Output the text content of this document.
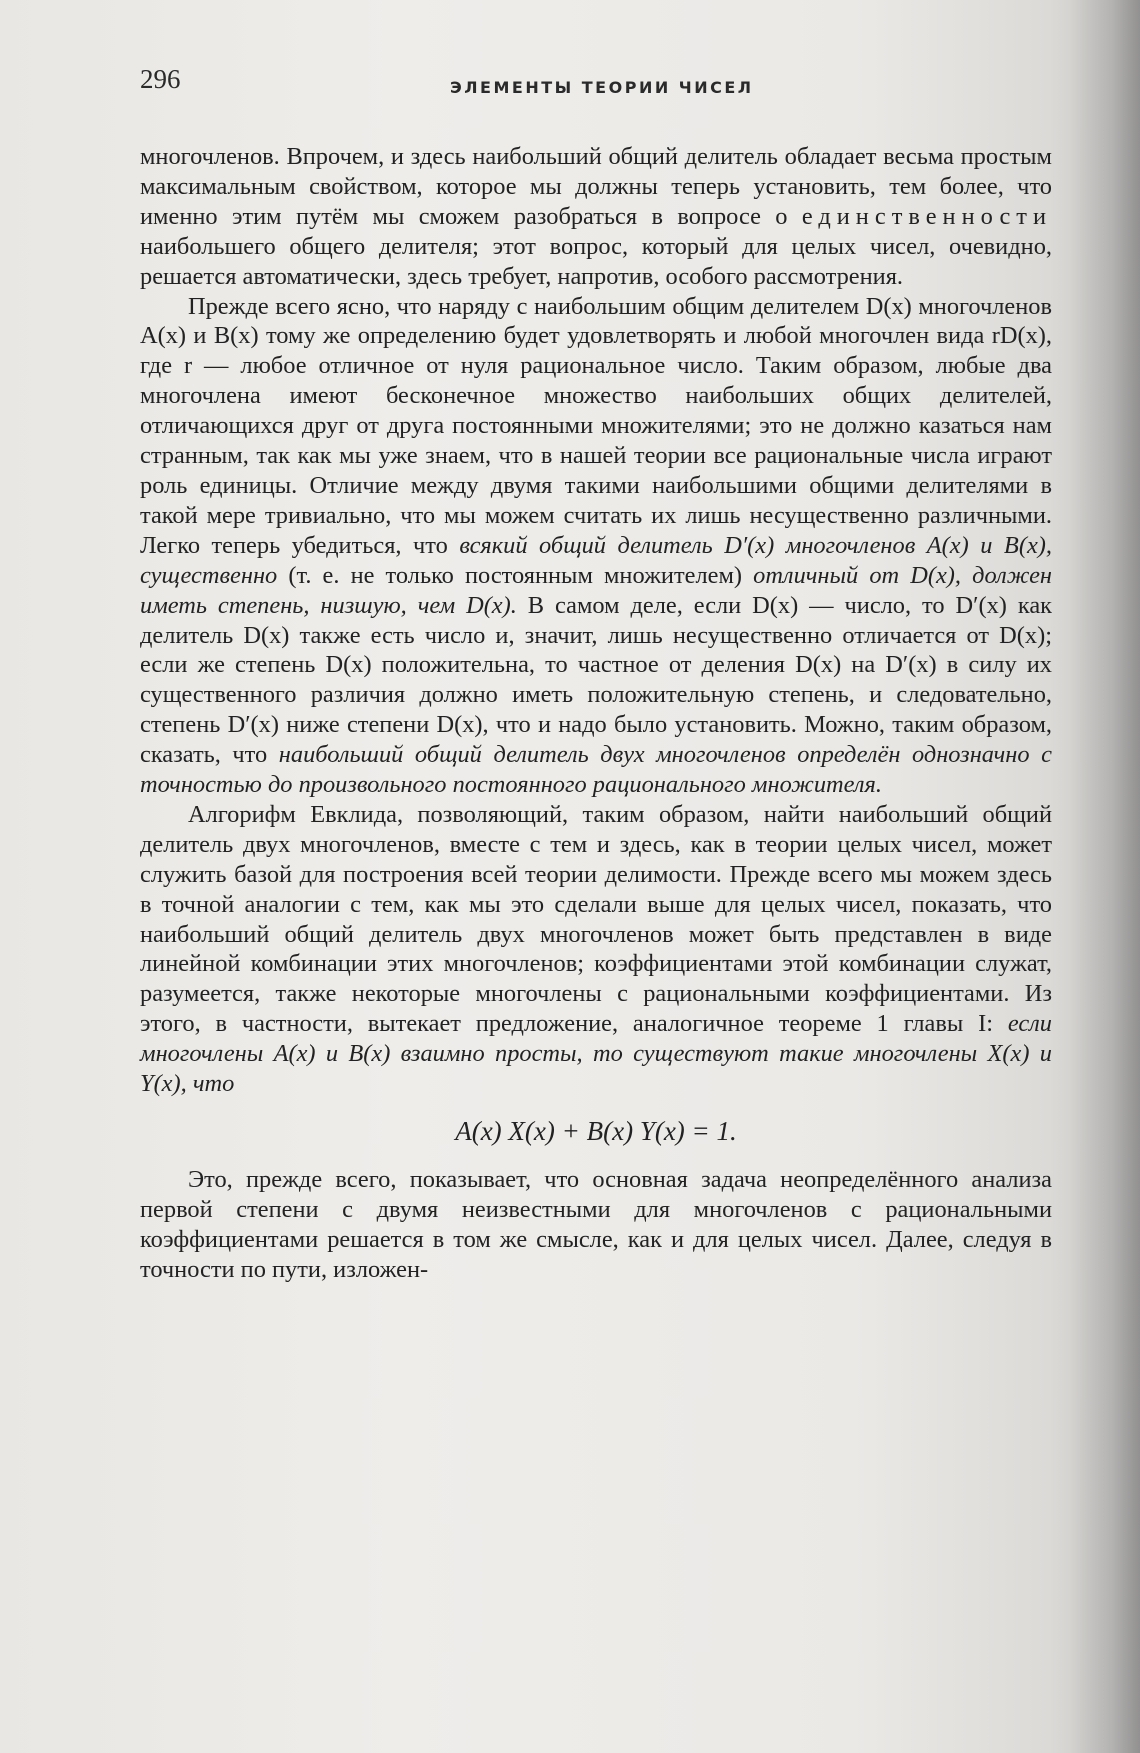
296	ЭЛЕМЕНТЫ ТЕОРИИ ЧИСЕЛ

многочленов. Впрочем, и здесь наибольший общий делитель обладает весьма простым максимальным свойством, которое мы должны теперь установить, тем более, что именно этим путём мы сможем разобраться в вопросе о единственности наибольшего общего делителя; этот вопрос, который для целых чисел, очевидно, решается автоматически, здесь требует, напротив, особого рассмотрения.

Прежде всего ясно, что наряду с наибольшим общим делителем D(x) многочленов A(x) и B(x) тому же определению будет удовлетворять и любой многочлен вида rD(x), где r — любое отличное от нуля рациональное число. Таким образом, любые два многочлена имеют бесконечное множество наибольших общих делителей, отличающихся друг от друга постоянными множителями; это не должно казаться нам странным, так как мы уже знаем, что в нашей теории все рациональные числа играют роль единицы. Отличие между двумя такими наибольшими общими делителями в такой мере тривиально, что мы можем считать их лишь несущественно различными. Легко теперь убедиться, что всякий общий делитель D′(x) многочленов A(x) и B(x), существенно (т. е. не только постоянным множителем) отличный от D(x), должен иметь степень, низшую, чем D(x). В самом деле, если D(x) — число, то D′(x) как делитель D(x) также есть число и, значит, лишь несущественно отличается от D(x); если же степень D(x) положительна, то частное от деления D(x) на D′(x) в силу их существенного различия должно иметь положительную степень, и следовательно, степень D′(x) ниже степени D(x), что и надо было установить. Можно, таким образом, сказать, что наибольший общий делитель двух многочленов определён однозначно с точностью до произвольного постоянного рационального множителя.

Алгорифм Евклида, позволяющий, таким образом, найти наибольший общий делитель двух многочленов, вместе с тем и здесь, как в теории целых чисел, может служить базой для построения всей теории делимости. Прежде всего мы можем здесь в точной аналогии с тем, как мы это сделали выше для целых чисел, показать, что наибольший общий делитель двух многочленов может быть представлен в виде линейной комбинации этих многочленов; коэффициентами этой комбинации служат, разумеется, также некоторые многочлены с рациональными коэффициентами. Из этого, в частности, вытекает предложение, аналогичное теореме 1 главы I: если многочлены A(x) и B(x) взаимно просты, то существуют такие многочлены X(x) и Y(x), что

A(x) X(x) + B(x) Y(x) = 1.

Это, прежде всего, показывает, что основная задача неопределённого анализа первой степени с двумя неизвестными для многочленов с рациональными коэффициентами решается в том же смысле, как и для целых чисел. Далее, следуя в точности по пути, изложен-
